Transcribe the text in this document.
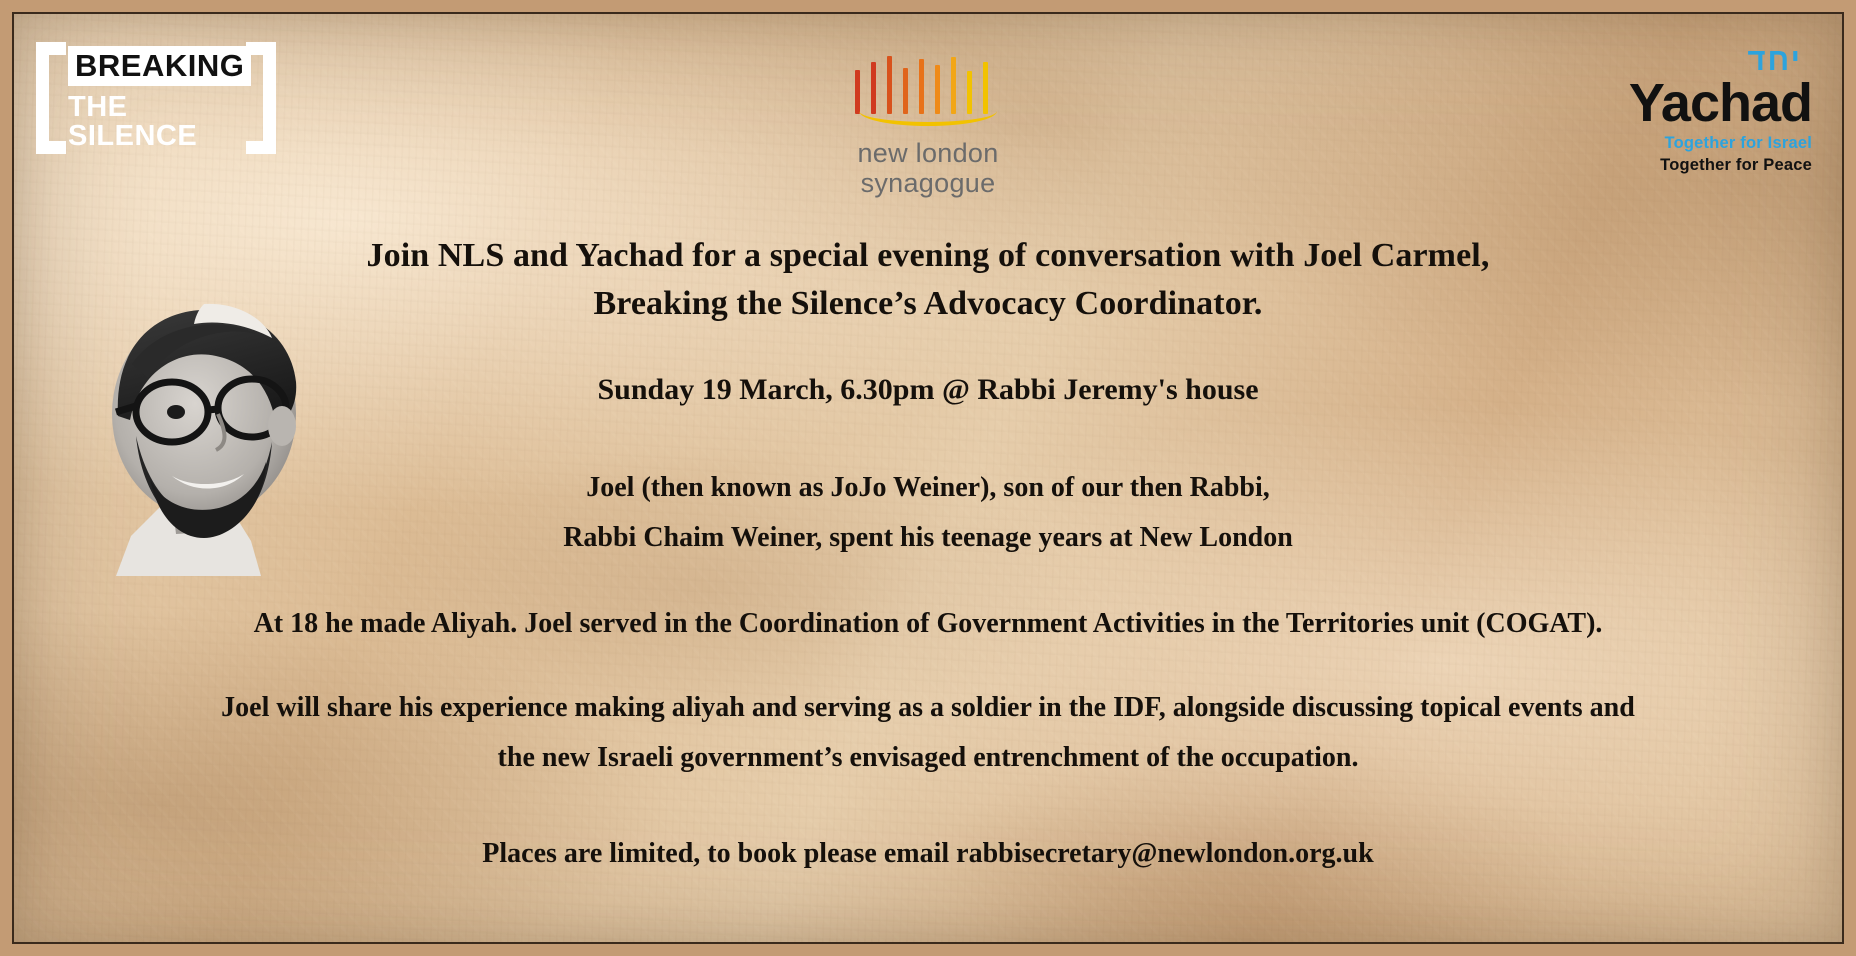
BREAKING
THE SILENCE
new london
synagogue
יחד
Yachad
Together for Israel
Together for Peace
Join NLS and Yachad for a special evening of conversation with Joel Carmel,
Breaking the Silence’s Advocacy Coordinator.
Sunday 19 March, 6.30pm @ Rabbi Jeremy's house
Joel (then known as JoJo Weiner), son of our then Rabbi,
Rabbi Chaim Weiner, spent his teenage years at New London
At 18 he made Aliyah. Joel served in the Coordination of Government Activities in the Territories unit (COGAT).
Joel will share his experience making aliyah and serving as a soldier in the IDF, alongside discussing topical events and
the new Israeli government’s envisaged entrenchment of the occupation.
Places are limited, to book please email rabbisecretary@newlondon.org.uk
